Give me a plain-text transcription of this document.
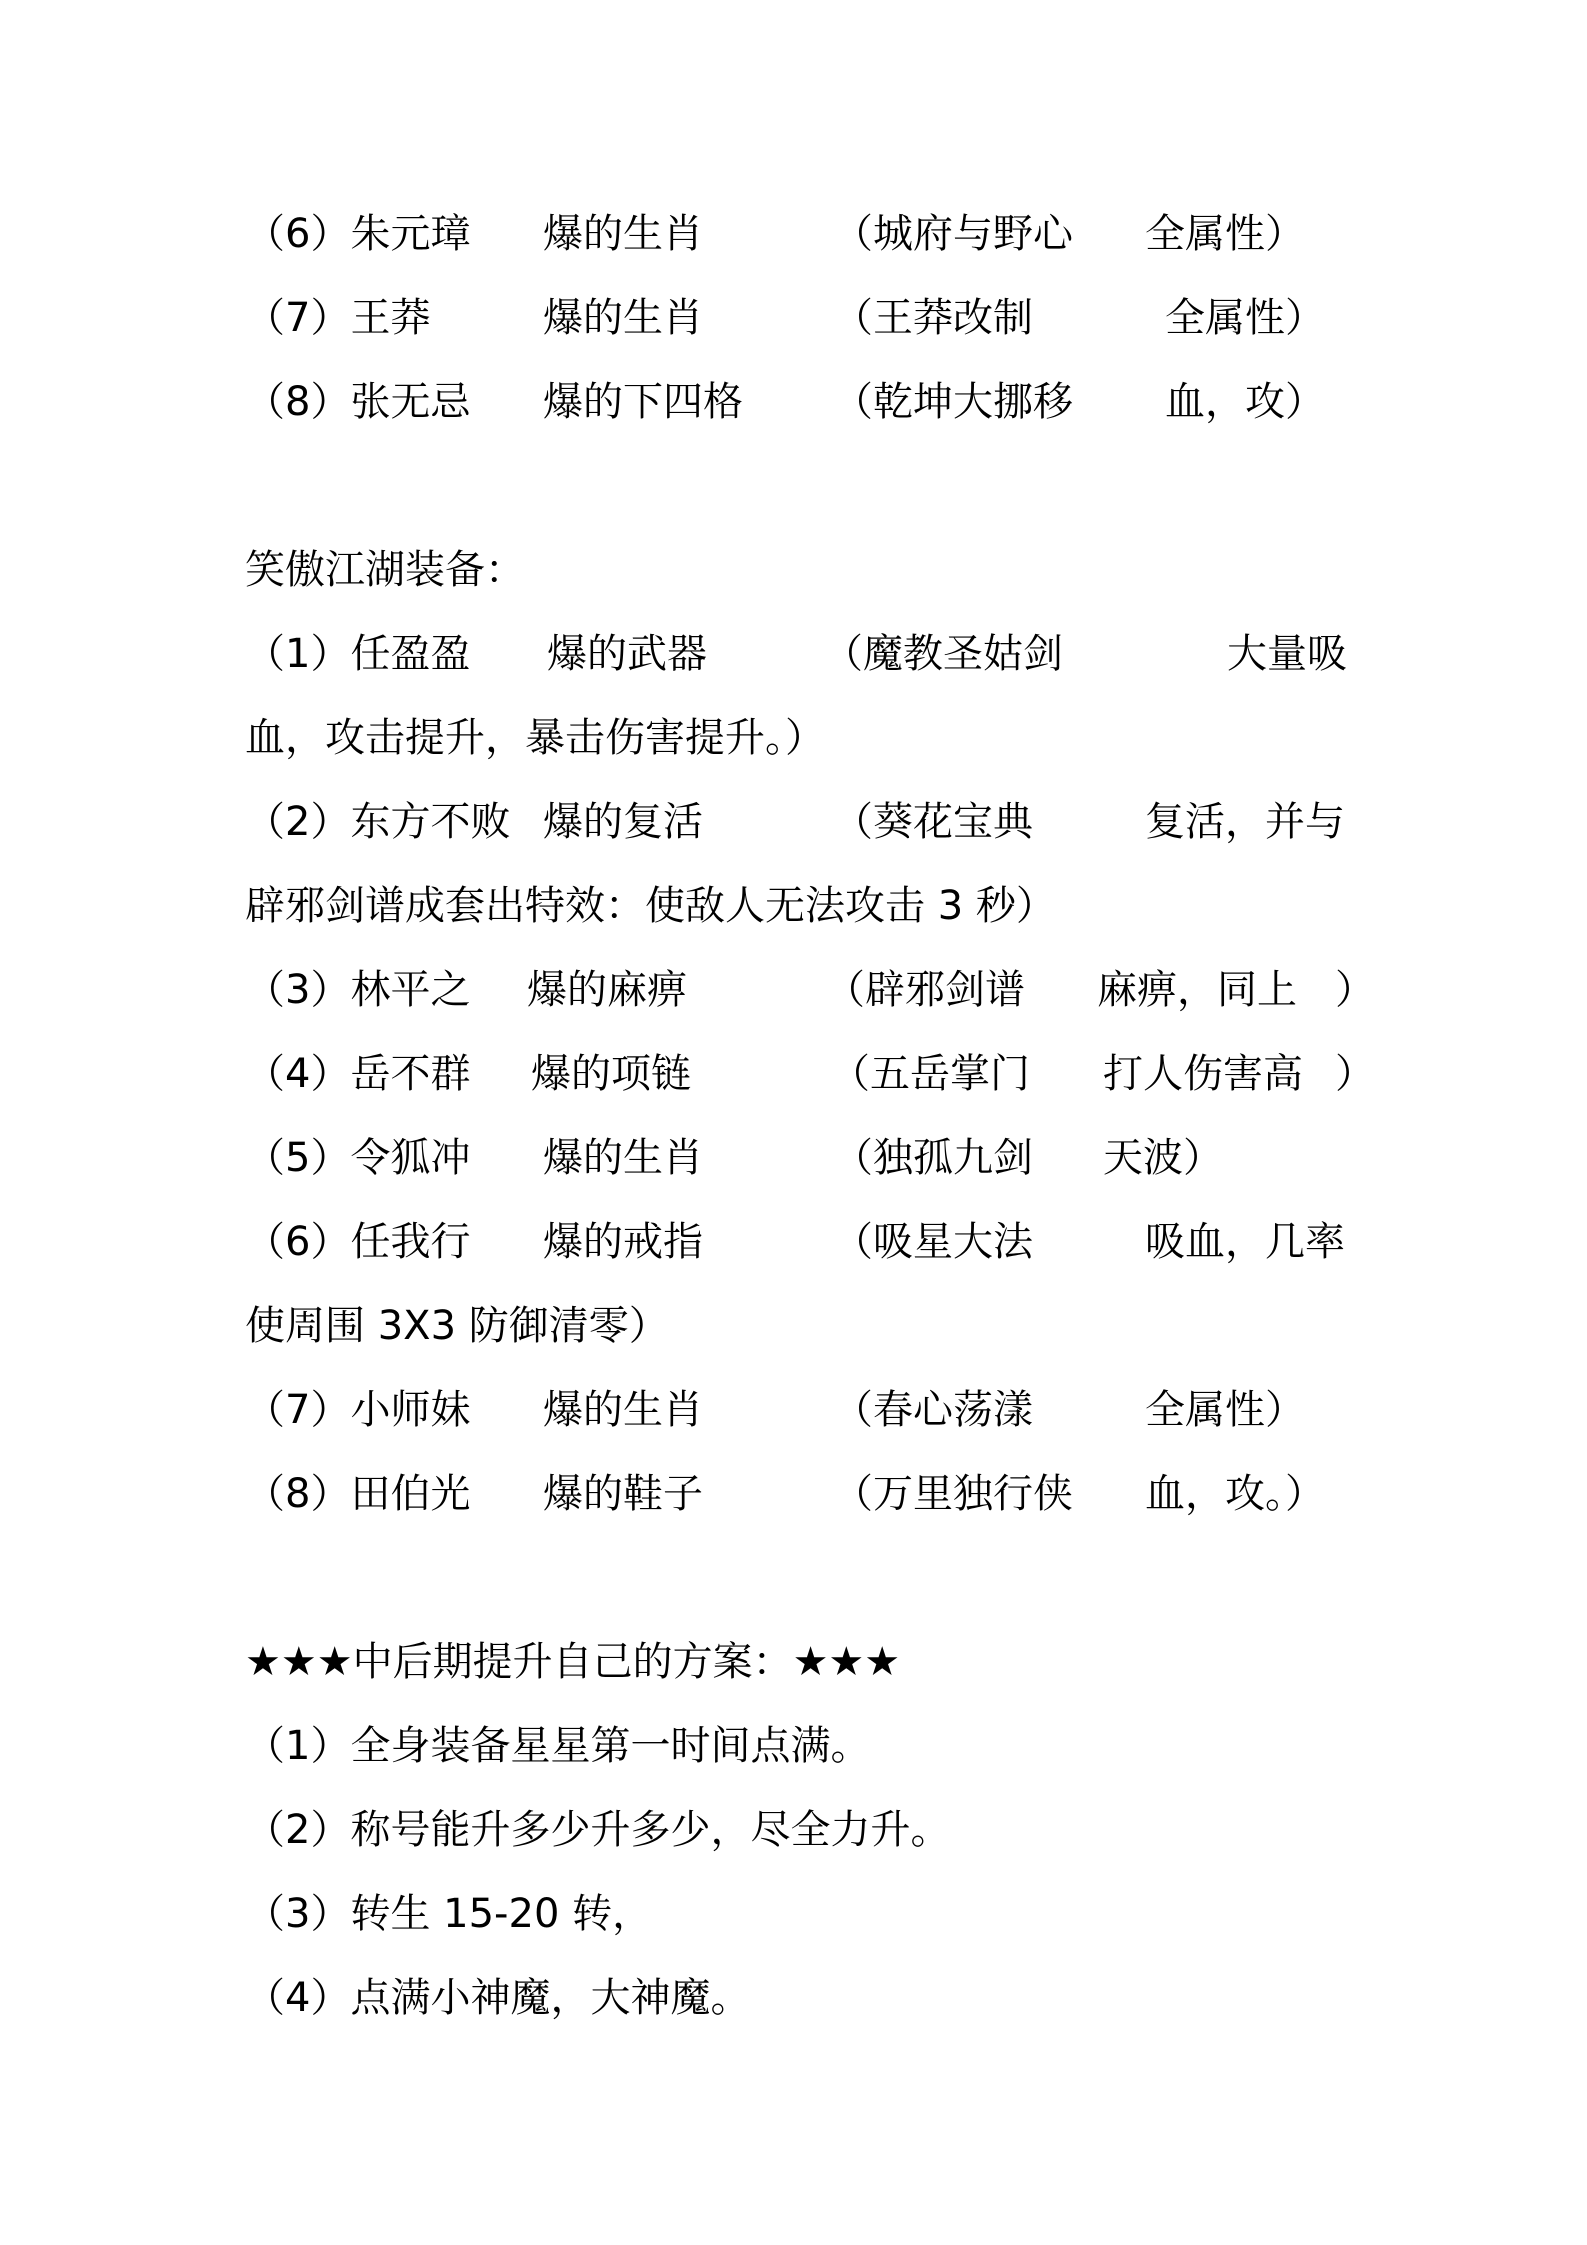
（6）朱元璋 爆的生肖	（城府与野心 全属性）
（7）王莽	爆的生肖	（王莽改制	全属性）
（8）张无忌 爆的下四格 （乾坤大挪移 血，攻）
笑傲江湖装备：
（1）任盈盈 爆的武器	（魔教圣姑剑	大量吸
血，攻击提升，暴击伤害提升。）
（2）东方不败 爆的复活	（葵花宝典	复活，并与
辟邪剑谱成套出特效：使敌人无法攻击 3 秒）
（3）林平之 爆的麻痹	（辟邪剑谱 麻痹，同上 ）
（4）岳不群 爆的项链	（五岳掌门 打人伤害高 ）
（5）令狐冲 爆的生肖	（独孤九剑 天波）
（6）任我行 爆的戒指	（吸星大法	吸血，几率
使周围 3X3 防御清零）
（7）小师妹 爆的生肖	（春心荡漾	全属性）
（8）田伯光 爆的鞋子	（万里独行侠 血，攻。）
★★★中后期提升自己的方案：★★★
（1）全身装备星星第一时间点满。
（2）称号能升多少升多少，尽全力升。
（3）转生 15-20 转，
（4）点满小神魔，大神魔。
